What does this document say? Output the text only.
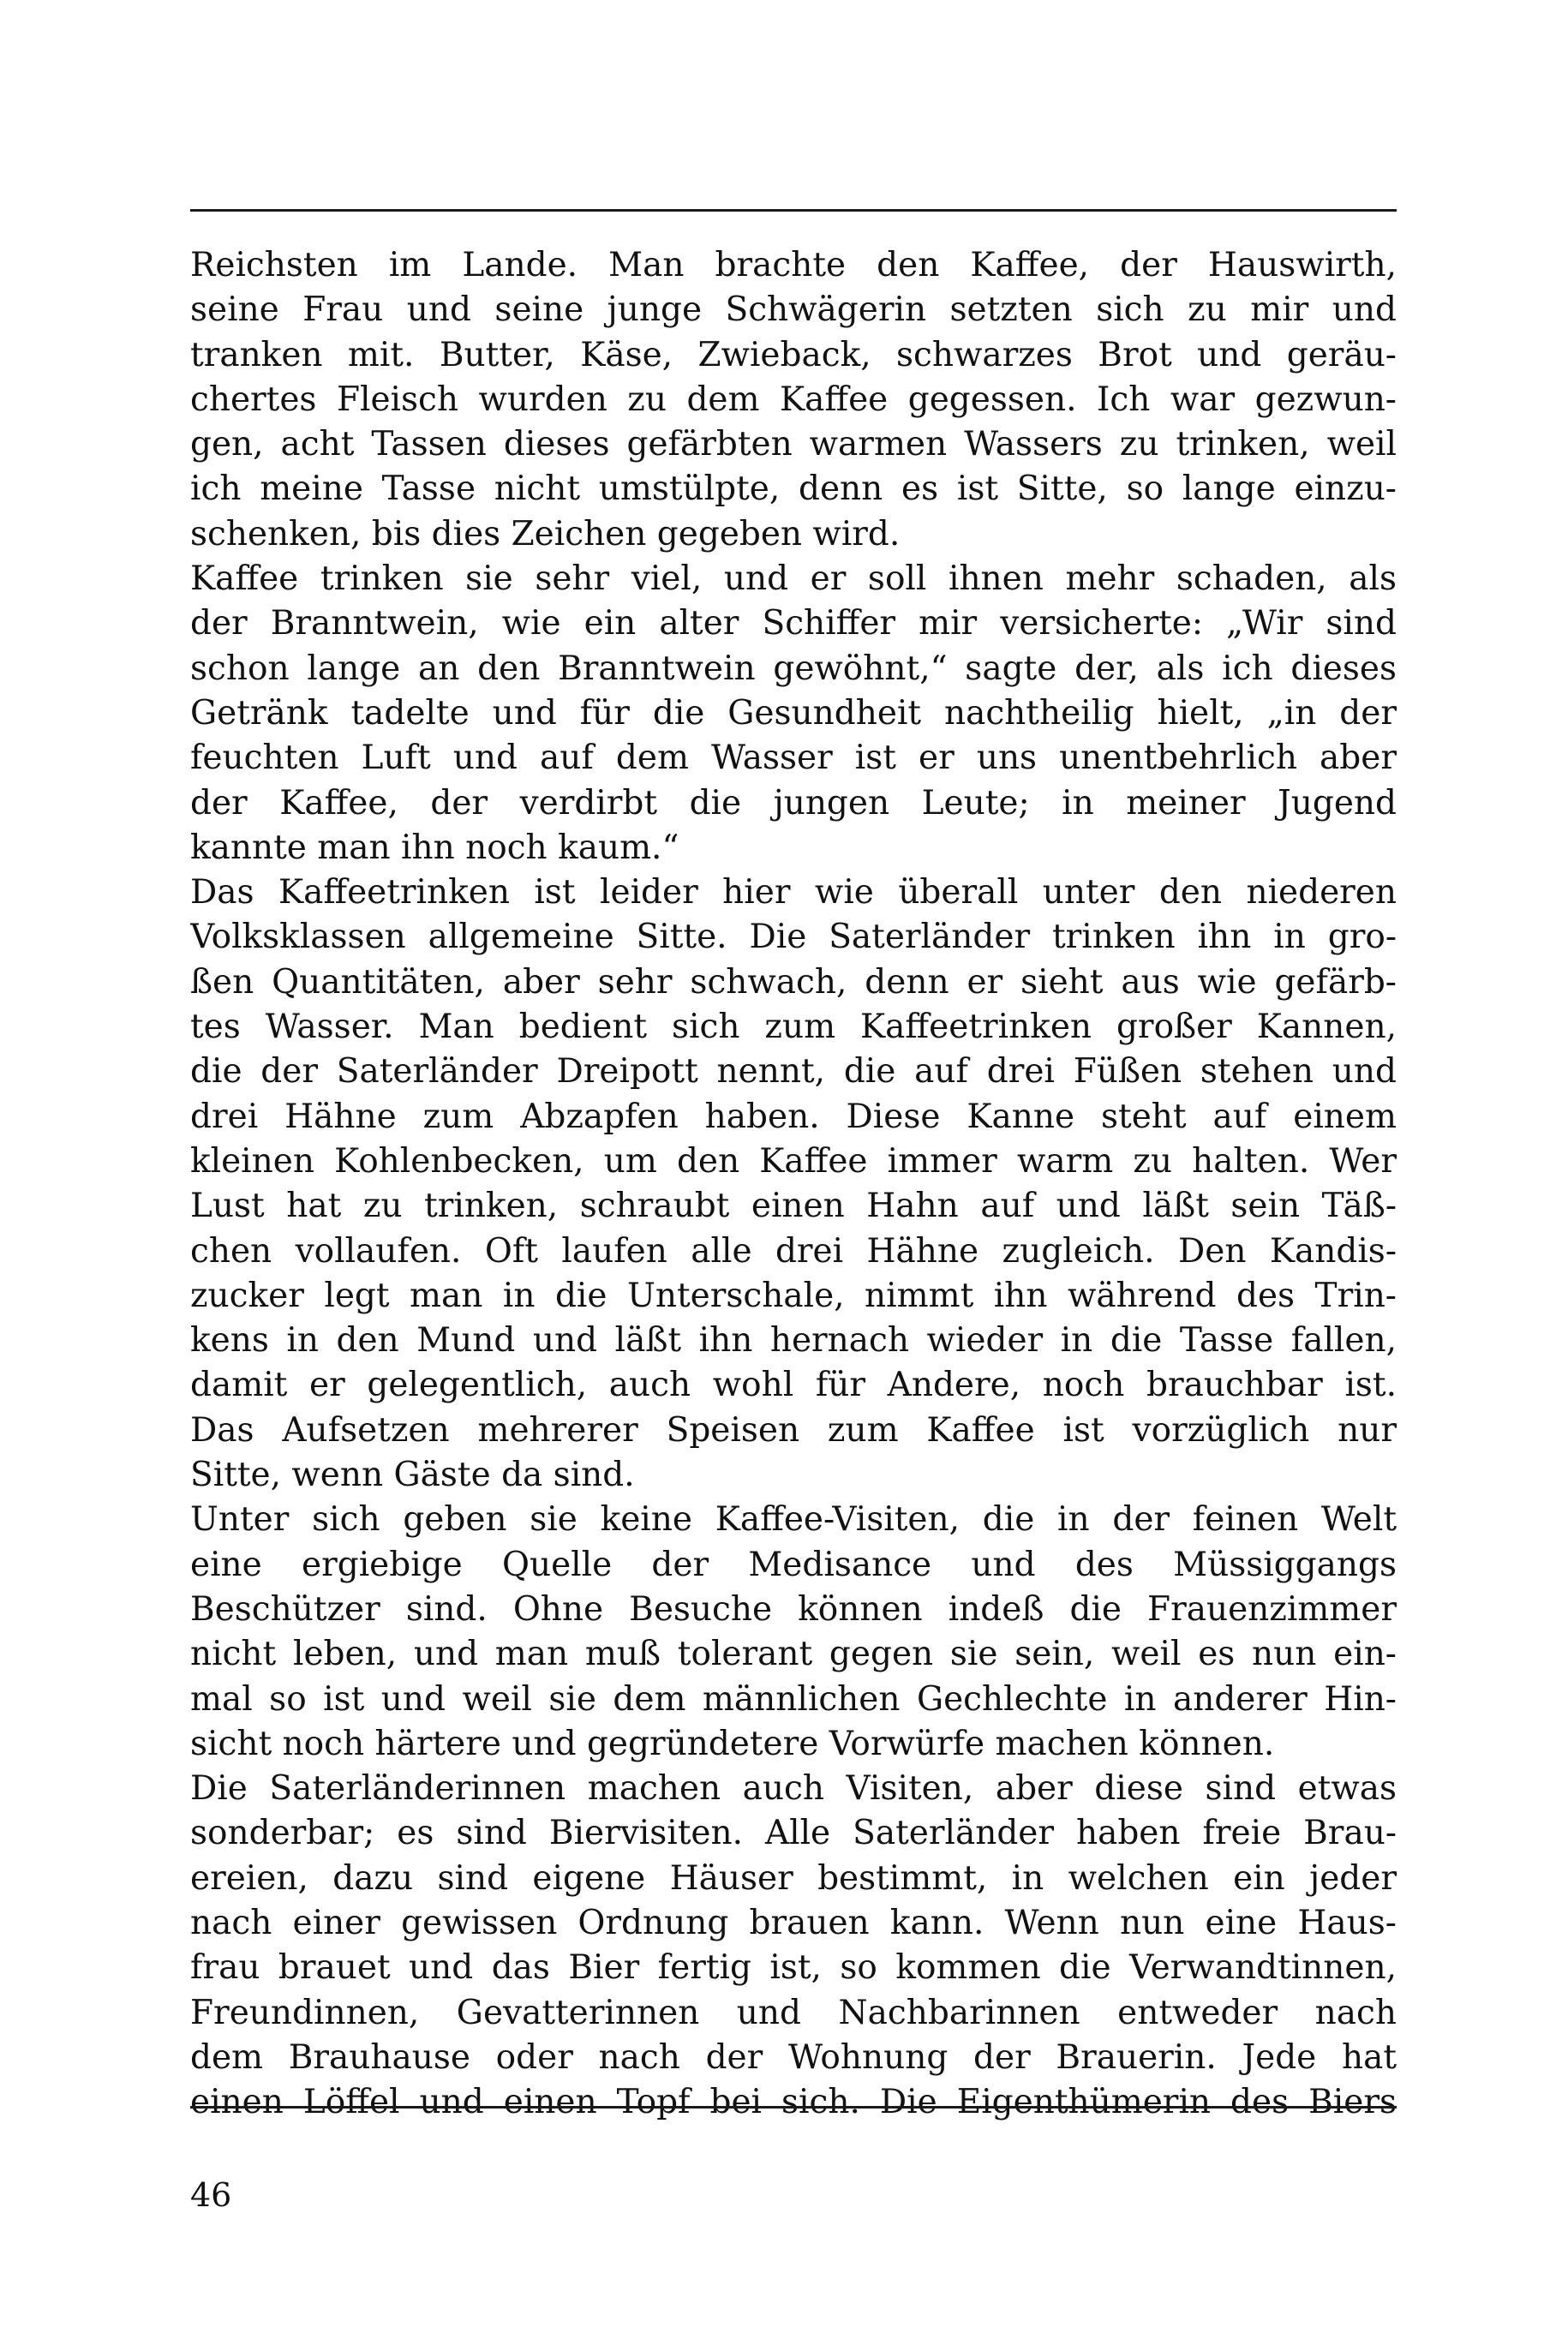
Reichsten im Lande. Man brachte den Kaffee, der Hauswirth,
seine Frau und seine junge Schwägerin setzten sich zu mir und
tranken mit. Butter, Käse, Zwieback, schwarzes Brot und geräu-
chertes Fleisch wurden zu dem Kaffee gegessen. Ich war gezwun-
gen, acht Tassen dieses gefärbten warmen Wassers zu trinken, weil
ich meine Tasse nicht umstülpte, denn es ist Sitte, so lange einzu-
schenken, bis dies Zeichen gegeben wird.
Kaffee trinken sie sehr viel, und er soll ihnen mehr schaden, als
der Branntwein, wie ein alter Schiffer mir versicherte: „Wir sind
schon lange an den Branntwein gewöhnt,“ sagte der, als ich dieses
Getränk tadelte und für die Gesundheit nachtheilig hielt, „in der
feuchten Luft und auf dem Wasser ist er uns unentbehrlich aber
der Kaffee, der verdirbt die jungen Leute; in meiner Jugend
kannte man ihn noch kaum.“
Das Kaffeetrinken ist leider hier wie überall unter den niederen
Volksklassen allgemeine Sitte. Die Saterländer trinken ihn in gro-
ßen Quantitäten, aber sehr schwach, denn er sieht aus wie gefärb-
tes Wasser. Man bedient sich zum Kaffeetrinken großer Kannen,
die der Saterländer Dreipott nennt, die auf drei Füßen stehen und
drei Hähne zum Abzapfen haben. Diese Kanne steht auf einem
kleinen Kohlenbecken, um den Kaffee immer warm zu halten. Wer
Lust hat zu trinken, schraubt einen Hahn auf und läßt sein Täß-
chen vollaufen. Oft laufen alle drei Hähne zugleich. Den Kandis-
zucker legt man in die Unterschale, nimmt ihn während des Trin-
kens in den Mund und läßt ihn hernach wieder in die Tasse fallen,
damit er gelegentlich, auch wohl für Andere, noch brauchbar ist.
Das Aufsetzen mehrerer Speisen zum Kaffee ist vorzüglich nur
Sitte, wenn Gäste da sind.
Unter sich geben sie keine Kaffee-Visiten, die in der feinen Welt
eine ergiebige Quelle der Medisance und des Müssiggangs
Beschützer sind. Ohne Besuche können indeß die Frauenzimmer
nicht leben, und man muß tolerant gegen sie sein, weil es nun ein-
mal so ist und weil sie dem männlichen Gechlechte in anderer Hin-
sicht noch härtere und gegründetere Vorwürfe machen können.
Die Saterländerinnen machen auch Visiten, aber diese sind etwas
sonderbar; es sind Biervisiten. Alle Saterländer haben freie Brau-
ereien, dazu sind eigene Häuser bestimmt, in welchen ein jeder
nach einer gewissen Ordnung brauen kann. Wenn nun eine Haus-
frau brauet und das Bier fertig ist, so kommen die Verwandtinnen,
Freundinnen, Gevatterinnen und Nachbarinnen entweder nach
dem Brauhause oder nach der Wohnung der Brauerin. Jede hat
einen Löffel und einen Topf bei sich. Die Eigenthümerin des Biers
46
